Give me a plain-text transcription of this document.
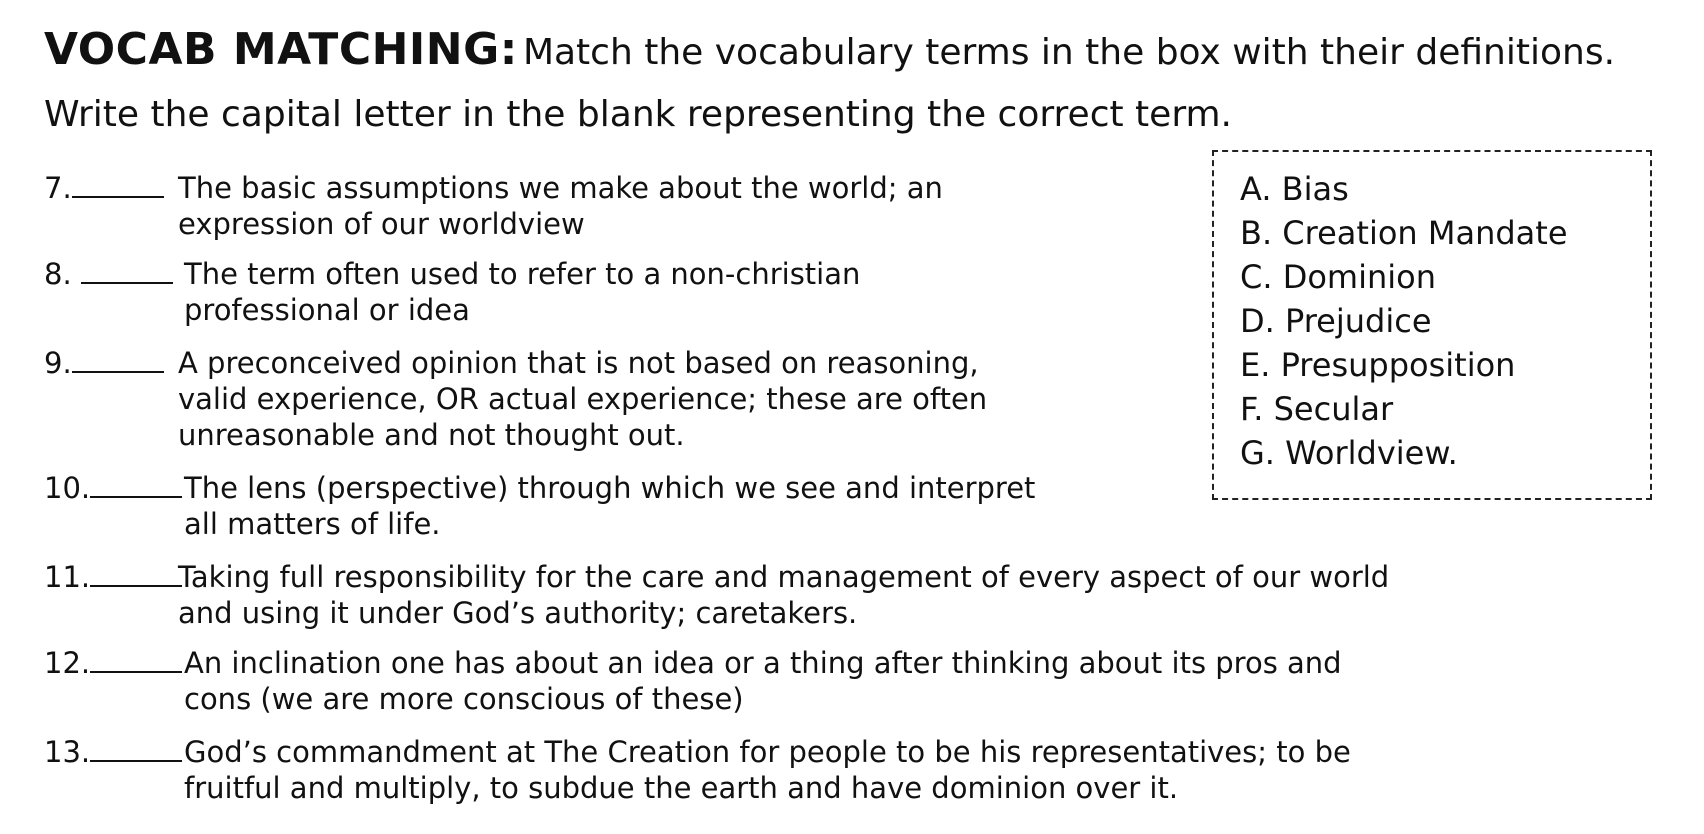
VOCAB MATCHING: Match the vocabulary terms in the box with their definitions.
Write the capital letter in the blank representing the correct term.
7.	The basic assumptions we make about the world; an
expression of our worldview
8.	The term often used to refer to a non-christian
professional or idea
9.	A preconceived opinion that is not based on reasoning,
valid experience, OR actual experience; these are often
unreasonable and not thought out.
10.	The lens (perspective) through which we see and interpret
all matters of life.
11.	Taking full responsibility for the care and management of every aspect of our world
and using it under God’s authority; caretakers.
12.	An inclination one has about an idea or a thing after thinking about its pros and
cons (we are more conscious of these)
13.	God’s commandment at The Creation for people to be his representatives; to be
fruitful and multiply, to subdue the earth and have dominion over it.
A. Bias
B. Creation Mandate
C. Dominion
D. Prejudice
E. Presupposition
F. Secular
G. Worldview.
